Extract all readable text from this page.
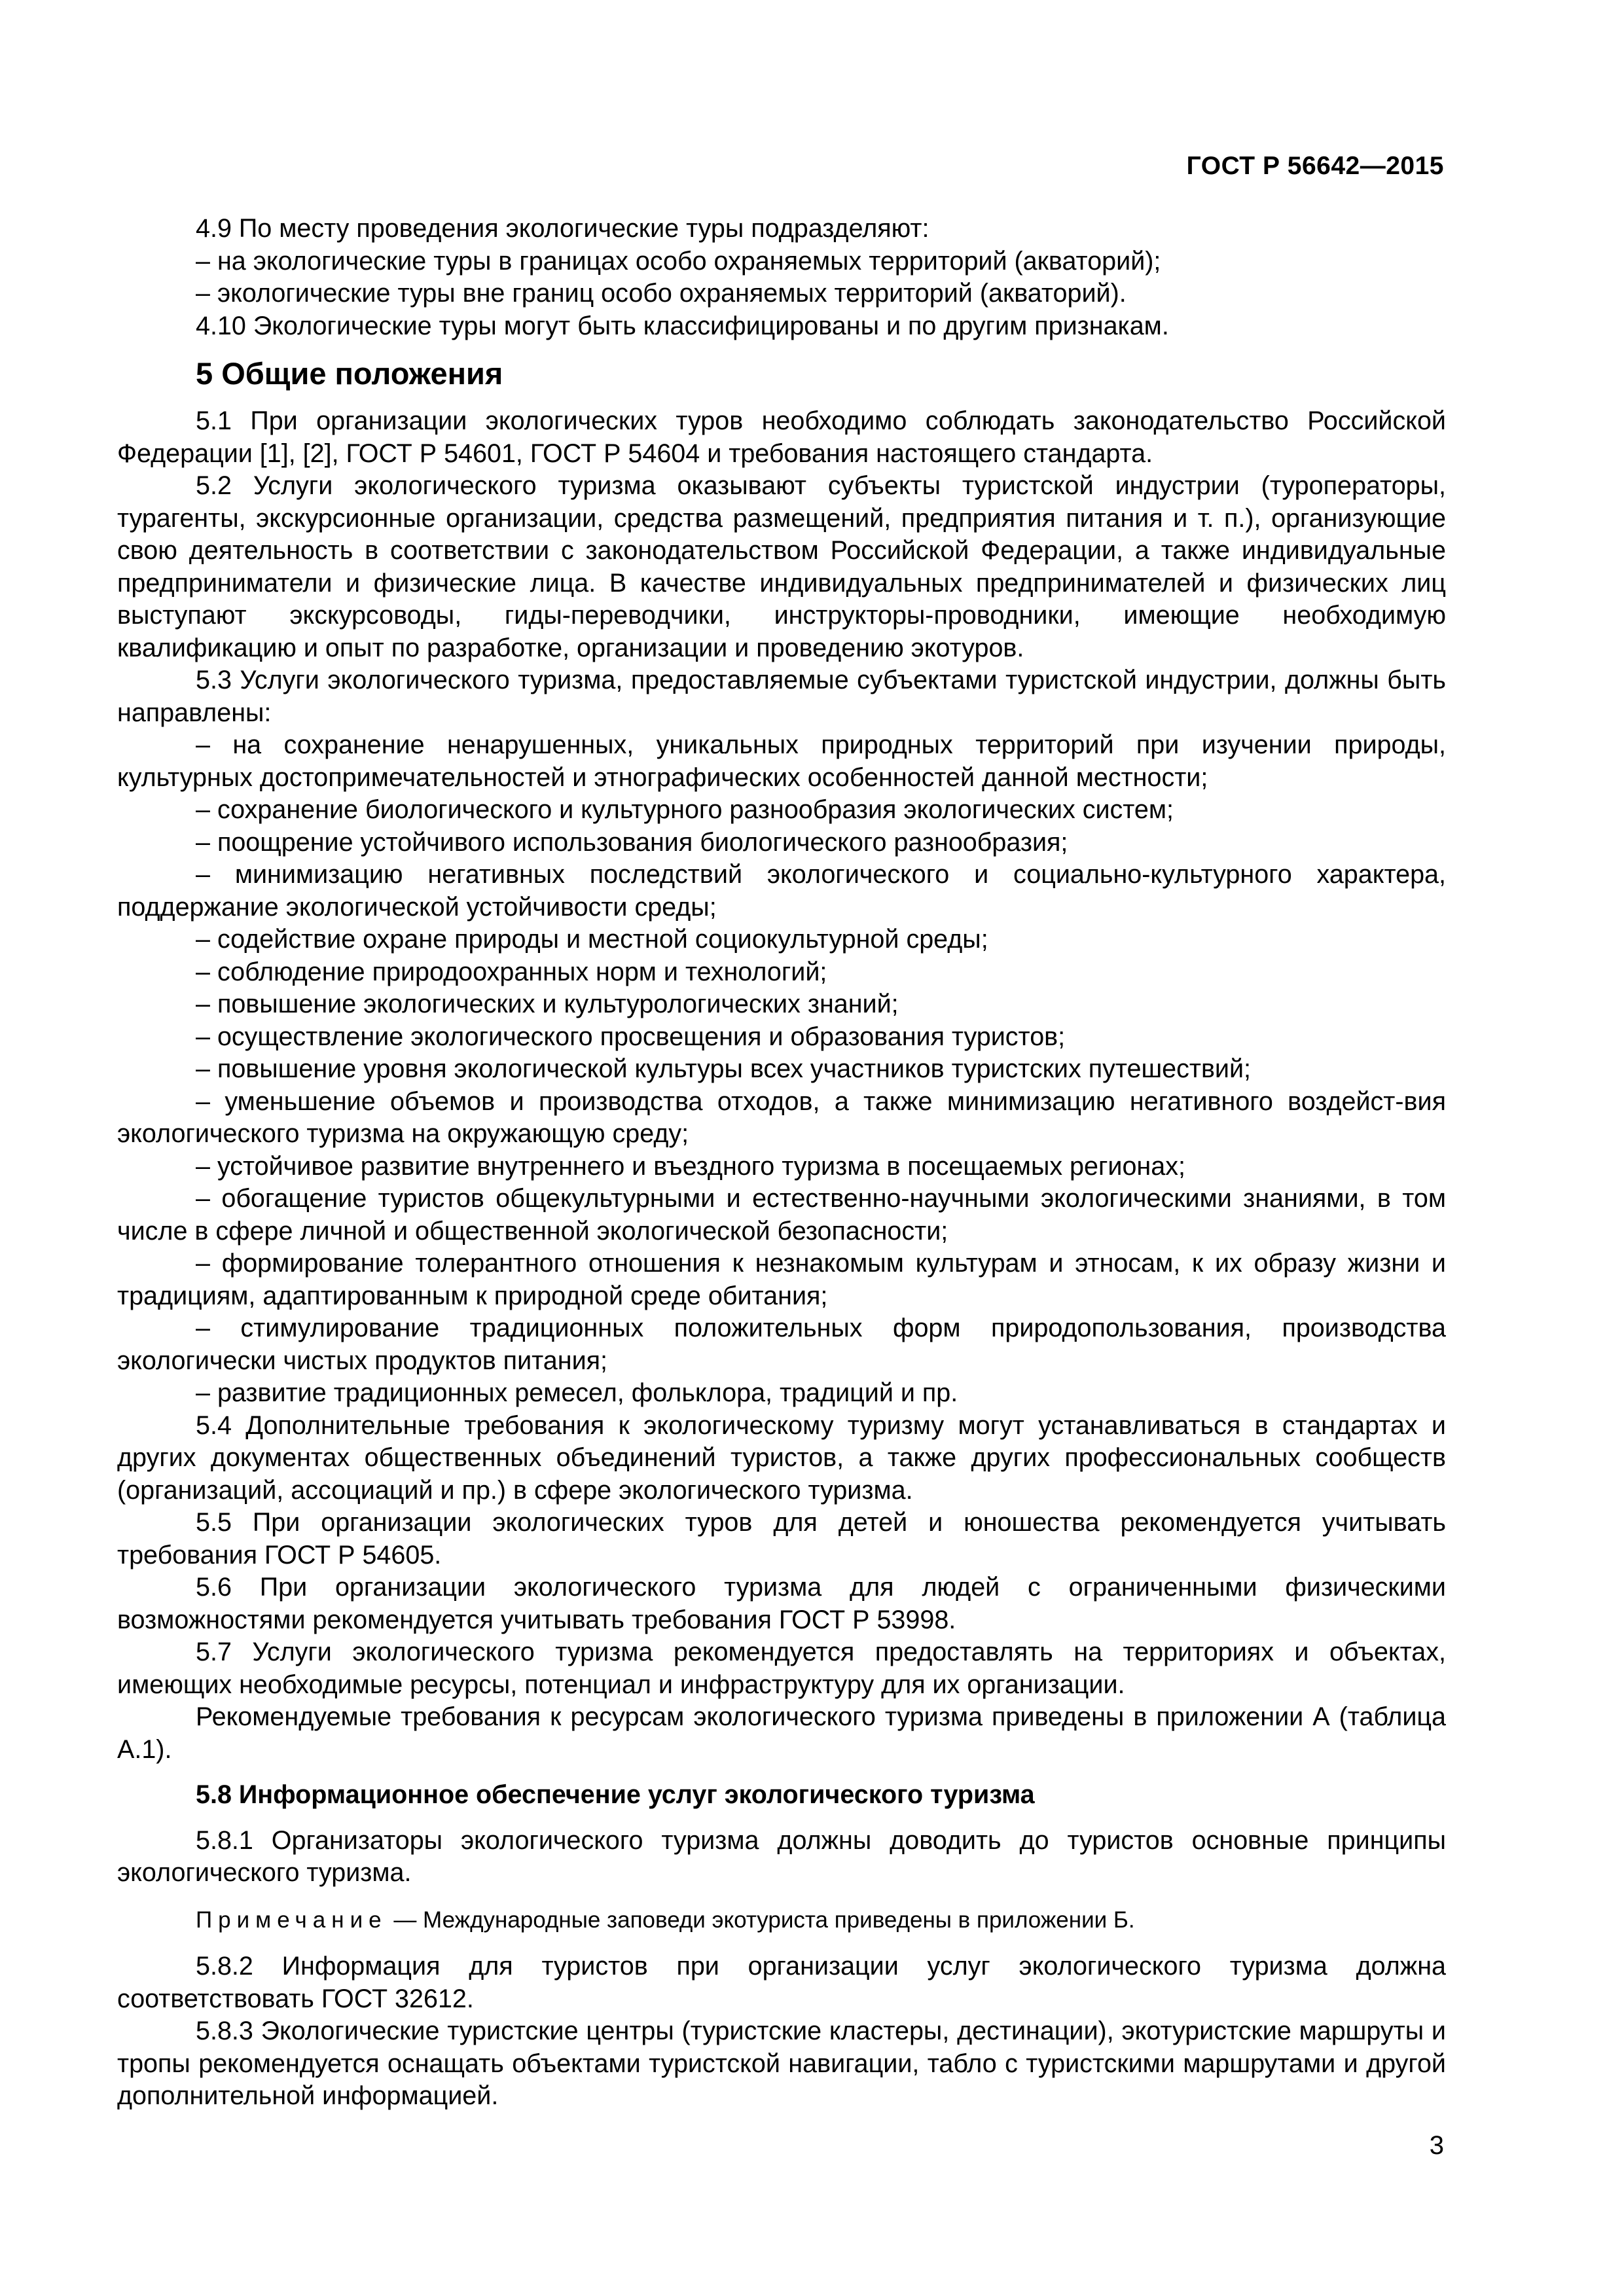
ГОСТ Р 56642—2015

4.9 По месту проведения экологические туры подразделяют:

– на экологические туры в границах особо охраняемых территорий (акваторий);

– экологические туры вне границ особо охраняемых территорий (акваторий).

4.10 Экологические туры могут быть классифицированы и по другим признакам.

5 Общие положения

5.1 При организации экологических туров необходимо соблюдать законодательство Российской Федерации [1], [2], ГОСТ Р 54601, ГОСТ Р 54604 и требования настоящего стандарта.

5.2 Услуги экологического туризма оказывают субъекты туристской индустрии (туроператоры, турагенты, экскурсионные организации, средства размещений, предприятия питания и т. п.), организующие свою деятельность в соответствии с законодательством Российской Федерации, а также индивидуальные предприниматели и физические лица. В качестве индивидуальных предпринимателей и физических лиц выступают экскурсоводы, гиды-переводчики, инструкторы-проводники, имеющие необходимую квалификацию и опыт по разработке, организации и проведению экотуров.

5.3 Услуги экологического туризма, предоставляемые субъектами туристской индустрии, должны быть направлены:

– на сохранение ненарушенных, уникальных природных территорий при изучении природы, культурных достопримечательностей и этнографических особенностей данной местности;

– сохранение биологического и культурного разнообразия экологических систем;

– поощрение устойчивого использования биологического разнообразия;

– минимизацию негативных последствий экологического и социально-культурного характера, поддержание экологической устойчивости среды;

– содействие охране природы и местной социокультурной среды;

– соблюдение природоохранных норм и технологий;

– повышение экологических и культурологических знаний;

– осуществление экологического просвещения и образования туристов;

– повышение уровня экологической культуры всех участников туристских путешествий;

– уменьшение объемов и производства отходов, а также минимизацию негативного воздейст-вия экологического туризма на окружающую среду;

– устойчивое развитие внутреннего и въездного туризма в посещаемых регионах;

– обогащение туристов общекультурными и естественно-научными экологическими знаниями, в том числе в сфере личной и общественной экологической безопасности;

– формирование толерантного отношения к незнакомым культурам и этносам, к их образу жизни и традициям, адаптированным к природной среде обитания;

– стимулирование традиционных положительных форм природопользования, производства экологически чистых продуктов питания;

– развитие традиционных ремесел, фольклора, традиций и пр.

5.4 Дополнительные требования к экологическому туризму могут устанавливаться в стандартах и других документах общественных объединений туристов, а также других профессиональных сообществ (организаций, ассоциаций и пр.) в сфере экологического туризма.

5.5 При организации экологических туров для детей и юношества рекомендуется учитывать требования ГОСТ Р 54605.

5.6 При организации экологического туризма для людей с ограниченными физическими возможностями рекомендуется учитывать требования ГОСТ Р 53998.

5.7 Услуги экологического туризма рекомендуется предоставлять на территориях и объектах, имеющих необходимые ресурсы, потенциал и инфраструктуру для их организации.

Рекомендуемые требования к ресурсам экологического туризма приведены в приложении А (таблица А.1).

5.8 Информационное обеспечение услуг экологического туризма

5.8.1 Организаторы экологического туризма должны доводить до туристов основные принципы экологического туризма.

Примечание — Международные заповеди экотуриста приведены в приложении Б.

5.8.2 Информация для туристов при организации услуг экологического туризма должна соответствовать ГОСТ 32612.

5.8.3 Экологические туристские центры (туристские кластеры, дестинации), экотуристские маршруты и тропы рекомендуется оснащать объектами туристской навигации, табло с туристскими маршрутами и другой дополнительной информацией.

3
